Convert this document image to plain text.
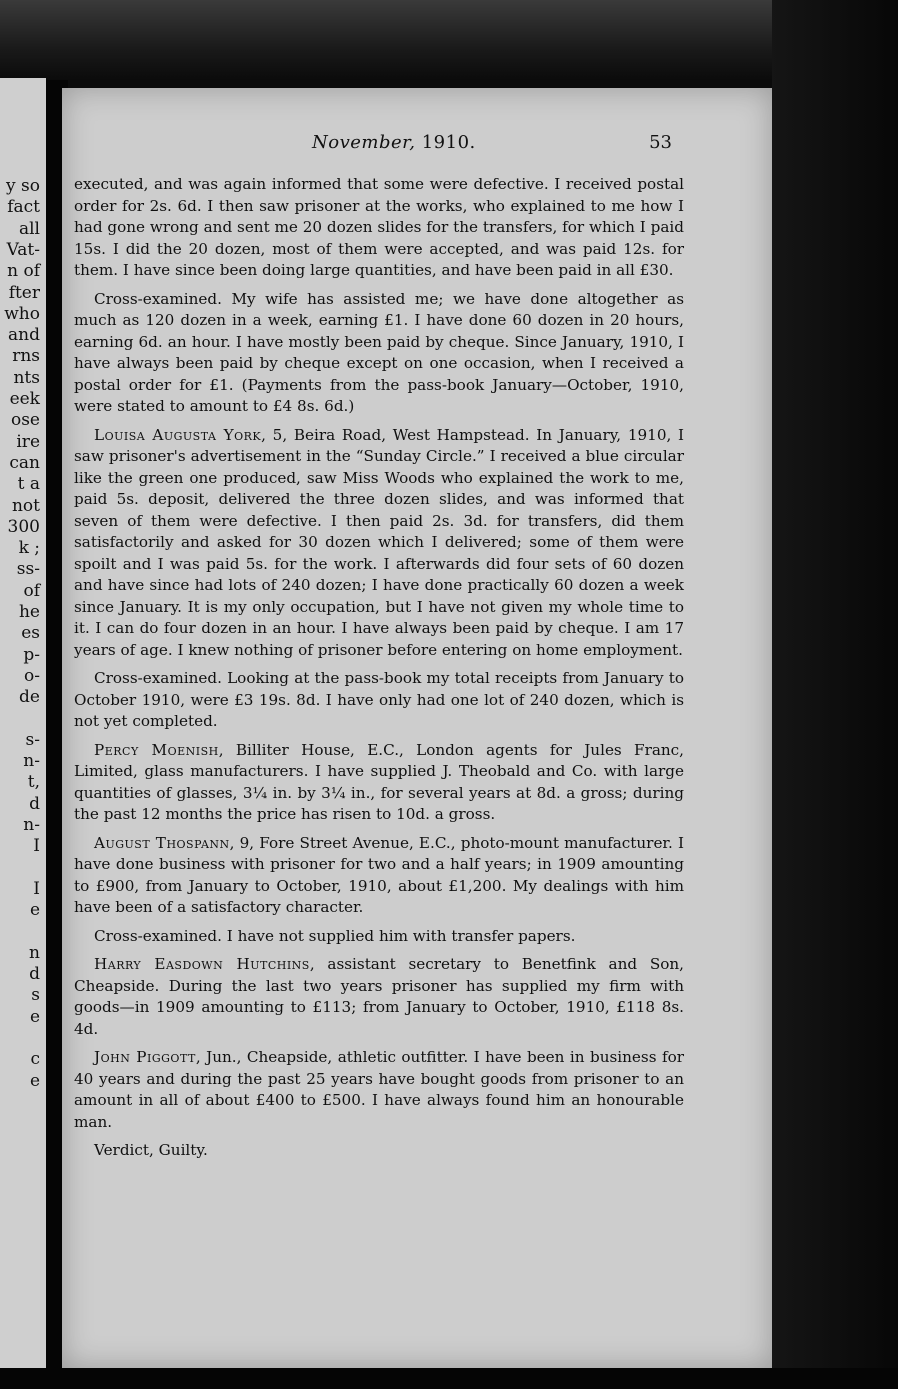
y so
fact
all
Vat-
n of
fter
who
and
rns
nts
eek
ose
ire
can
t a
not
300
k ;
ss-
of
he
es
p-
o-
de
s-
n-
t,
d
n-
I
I
e
n
d
s
e
c
e
November, 1910.	53

executed, and was again informed that some were defective. I received postal order for 2s. 6d. I then saw prisoner at the works, who explained to me how I had gone wrong and sent me 20 dozen slides for the transfers, for which I paid 15s. I did the 20 dozen, most of them were accepted, and was paid 12s. for them. I have since been doing large quantities, and have been paid in all £30.

Cross-examined. My wife has assisted me; we have done altogether as much as 120 dozen in a week, earning £1. I have done 60 dozen in 20 hours, earning 6d. an hour. I have mostly been paid by cheque. Since January, 1910, I have always been paid by cheque except on one occasion, when I received a postal order for £1. (Payments from the pass-book January—October, 1910, were stated to amount to £4 8s. 6d.)

Louisa Augusta York, 5, Beira Road, West Hampstead. In January, 1910, I saw prisoner's advertisement in the “Sunday Circle.” I received a blue circular like the green one produced, saw Miss Woods who explained the work to me, paid 5s. deposit, delivered the three dozen slides, and was informed that seven of them were defective. I then paid 2s. 3d. for transfers, did them satisfactorily and asked for 30 dozen which I delivered; some of them were spoilt and I was paid 5s. for the work. I afterwards did four sets of 60 dozen and have since had lots of 240 dozen; I have done practically 60 dozen a week since January. It is my only occupation, but I have not given my whole time to it. I can do four dozen in an hour. I have always been paid by cheque. I am 17 years of age. I knew nothing of prisoner before entering on home employment.

Cross-examined. Looking at the pass-book my total receipts from January to October 1910, were £3 19s. 8d. I have only had one lot of 240 dozen, which is not yet completed.

Percy Moenish, Billiter House, E.C., London agents for Jules Franc, Limited, glass manufacturers. I have supplied J. Theobald and Co. with large quantities of glasses, 3¼ in. by 3¼ in., for several years at 8d. a gross; during the past 12 months the price has risen to 10d. a gross.

August Thospann, 9, Fore Street Avenue, E.C., photo-mount manufacturer. I have done business with prisoner for two and a half years; in 1909 amounting to £900, from January to October, 1910, about £1,200. My dealings with him have been of a satisfactory character.

Cross-examined. I have not supplied him with transfer papers.

Harry Easdown Hutchins, assistant secretary to Benetfink and Son, Cheapside. During the last two years prisoner has supplied my firm with goods—in 1909 amounting to £113; from January to October, 1910, £118 8s. 4d.

John Piggott, Jun., Cheapside, athletic outfitter. I have been in business for 40 years and during the past 25 years have bought goods from prisoner to an amount in all of about £400 to £500. I have always found him an honourable man.

Verdict, Guilty.
